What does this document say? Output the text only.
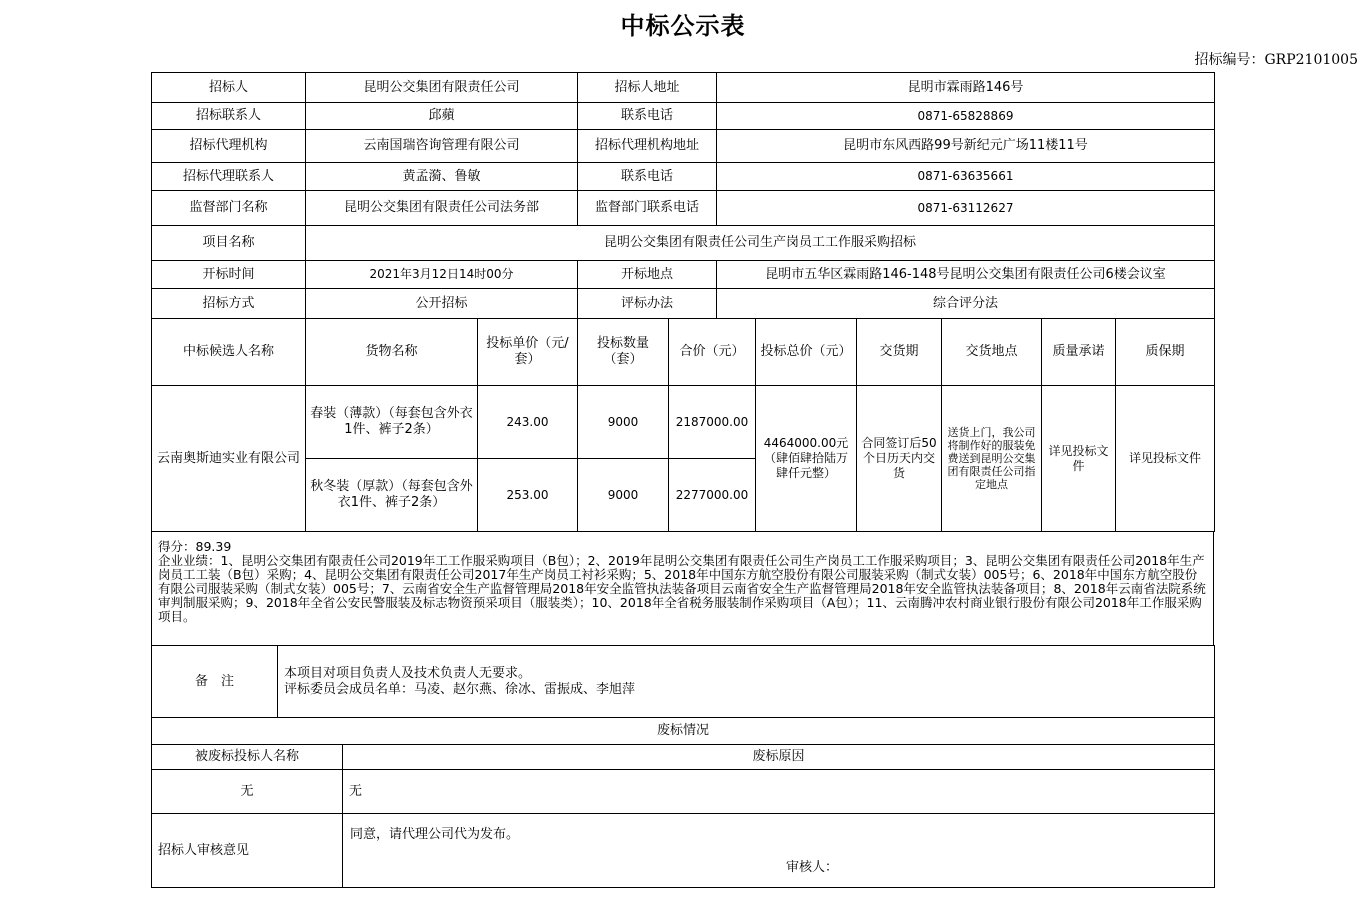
中标公示表
招标编号：GRP2101005
招标人	昆明公交集团有限责任公司	招标人地址	昆明市霖雨路146号
招标联系人	邱蘋	联系电话	0871-65828869
招标代理机构	云南国瑞咨询管理有限公司	招标代理机构地址	昆明市东风西路99号新纪元广场11楼11号
招标代理联系人	黄孟漪、鲁敏	联系电话	0871-63635661
监督部门名称	昆明公交集团有限责任公司法务部	监督部门联系电话	0871-63112627
项目名称	昆明公交集团有限责任公司生产岗员工工作服采购招标		
开标时间	2021年3月12日14时00分	开标地点	昆明市五华区霖雨路146-148号昆明公交集团有限责任公司6楼会议室
招标方式	公开招标	评标办法	综合评分法
中标候选人名称	货物名称	投标单价（元/套）	投标数量（套）	合价（元）	投标总价（元）	交货期	交货地点	质量承诺	质保期
云南奥斯迪实业有限公司	春装（薄款）（每套包含外衣1件、裤子2条）	243.00	9000	2187000.00	4464000.00元（肆佰肆拾陆万肆仟元整）	合同签订后50个日历天内交货	送货上门，我公司将制作好的服装免费送到昆明公交集团有限责任公司指定地点	详见投标文件	详见投标文件
	秋冬装（厚款）（每套包含外衣1件、裤子2条）	253.00	9000	2277000.00					
得分：89.39
企业业绩：1、昆明公交集团有限责任公司2019年工工作服采购项目（B包）；2、2019年昆明公交集团有限责任公司生产岗员工工作服采购项目；3、昆明公交集团有限责任公司2018年生产岗员工工装（B包）采购；4、昆明公交集团有限责任公司2017年生产岗员工衬衫采购；5、2018年中国东方航空股份有限公司服装采购（制式女装）005号；6、2018年中国东方航空股份有限公司服装采购（制式女装）005号；7、云南省安全生产监督管理局2018年安全监管执法装备项目云南省安全生产监督管理局2018年安全监管执法装备项目；8、2018年云南省法院系统审判制服采购；9、2018年全省公安民警服装及标志物资预采项目（服装类）；10、2018年全省税务服装制作采购项目（A包）；11、云南腾冲农村商业银行股份有限公司2018年工作服采购项目。
备　注	
本项目对项目负责人及技术负责人无要求。
评标委员会成员名单：马凌、赵尔燕、徐冰、雷振成、李旭萍
废标情况	
被废标投标人名称	废标原因
无	无
招标人审核意见	同意，请代理公司代为发布。
审核人：
